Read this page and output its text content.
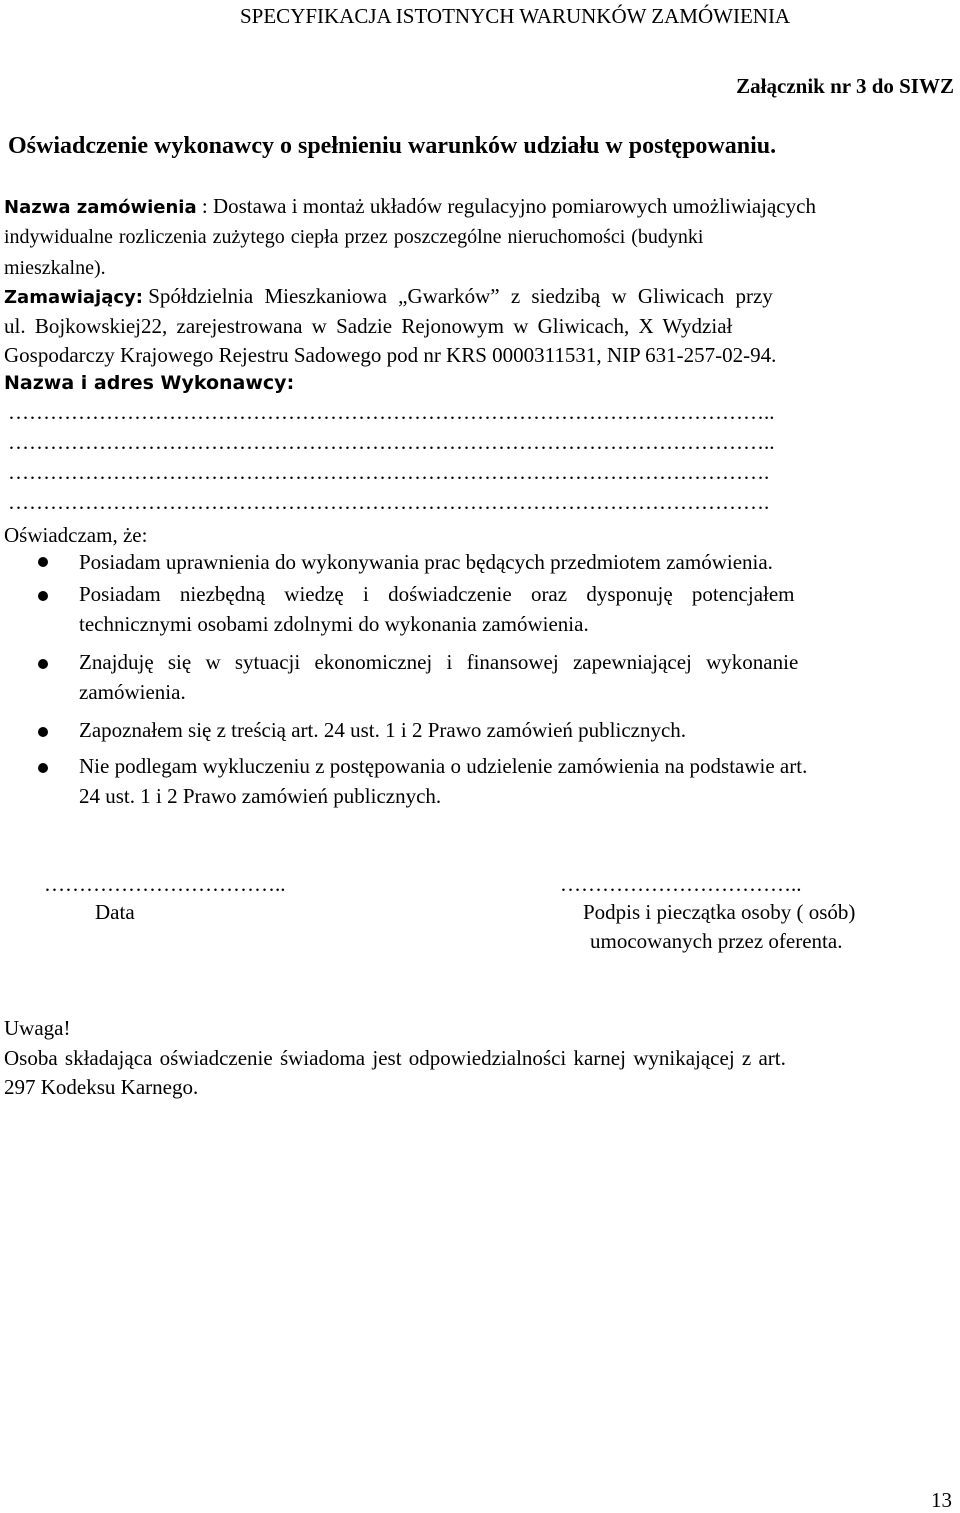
SPECYFIKACJA ISTOTNYCH WARUNKÓW ZAMÓWIENIA
Załącznik nr 3 do SIWZ
Oświadczenie wykonawcy o spełnieniu warunków udziału w postępowaniu.
Nazwa zamówienia : Dostawa i montaż układów regulacyjno pomiarowych umożliwiających
indywidualne rozliczenia zużytego ciepła przez poszczególne nieruchomości (budynki
mieszkalne).
Zamawiający: Spółdzielnia Mieszkaniowa „Gwarków” z siedzibą w Gliwicach przy
ul. Bojkowskiej22, zarejestrowana w Sadzie Rejonowym w Gliwicach, X Wydział
Gospodarczy Krajowego Rejestru Sadowego pod nr KRS 0000311531, NIP 631-257-02-94.
Nazwa i adres Wykonawcy:
………………………………………………………………………………………………..
………………………………………………………………………………………………..
……………………………………………………………………………………………….
……………………………………………………………………………………………….
Oświadczam, że:
Posiadam uprawnienia do wykonywania prac będących przedmiotem zamówienia.
Posiadam niezbędną wiedzę i doświadczenie oraz dysponuję potencjałem
technicznymi osobami zdolnymi do wykonania zamówienia.
Znajduję się w sytuacji ekonomicznej i finansowej zapewniającej wykonanie
zamówienia.
Zapoznałem się z treścią art. 24 ust. 1 i 2 Prawo zamówień publicznych.
Nie podlegam wykluczeniu z postępowania o udzielenie zamówienia na podstawie art.
24 ust. 1 i 2 Prawo zamówień publicznych.
……………………………..
Data
……………………………..
Podpis i pieczątka osoby ( osób)
umocowanych przez oferenta.
Uwaga!
Osoba składająca oświadczenie świadoma jest odpowiedzialności karnej wynikającej z art.
297 Kodeksu Karnego.
13
